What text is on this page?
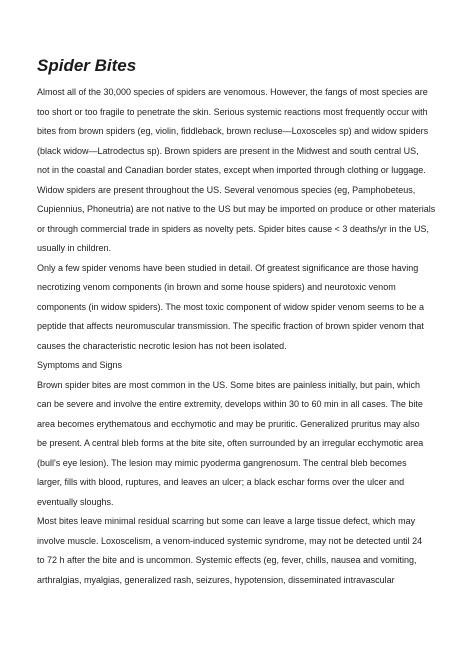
Spider Bites
Almost all of the 30,000 species of spiders are venomous. However, the fangs of most species are
too short or too fragile to penetrate the skin. Serious systemic reactions most frequently occur with
bites from brown spiders (eg, violin, fiddleback, brown recluse—Loxosceles sp) and widow spiders
(black widow—Latrodectus sp). Brown spiders are present in the Midwest and south central US,
not in the coastal and Canadian border states, except when imported through clothing or luggage.
Widow spiders are present throughout the US. Several venomous species (eg, Pamphobeteus,
Cupiennius, Phoneutria) are not native to the US but may be imported on produce or other materials
or through commercial trade in spiders as novelty pets. Spider bites cause < 3 deaths/yr in the US,
usually in children.
Only a few spider venoms have been studied in detail. Of greatest significance are those having
necrotizing venom components (in brown and some house spiders) and neurotoxic venom
components (in widow spiders). The most toxic component of widow spider venom seems to be a
peptide that affects neuromuscular transmission. The specific fraction of brown spider venom that
causes the characteristic necrotic lesion has not been isolated.
Symptoms and Signs
Brown spider bites are most common in the US. Some bites are painless initially, but pain, which
can be severe and involve the entire extremity, develops within 30 to 60 min in all cases. The bite
area becomes erythematous and ecchymotic and may be pruritic. Generalized pruritus may also
be present. A central bleb forms at the bite site, often surrounded by an irregular ecchymotic area
(bull's eye lesion). The lesion may mimic pyoderma gangrenosum. The central bleb becomes
larger, fills with blood, ruptures, and leaves an ulcer; a black eschar forms over the ulcer and
eventually sloughs.
Most bites leave minimal residual scarring but some can leave a large tissue defect, which may
involve muscle. Loxoscelism, a venom-induced systemic syndrome, may not be detected until 24
to 72 h after the bite and is uncommon. Systemic effects (eg, fever, chills, nausea and vomiting,
arthralgias, myalgias, generalized rash, seizures, hypotension, disseminated intravascular
